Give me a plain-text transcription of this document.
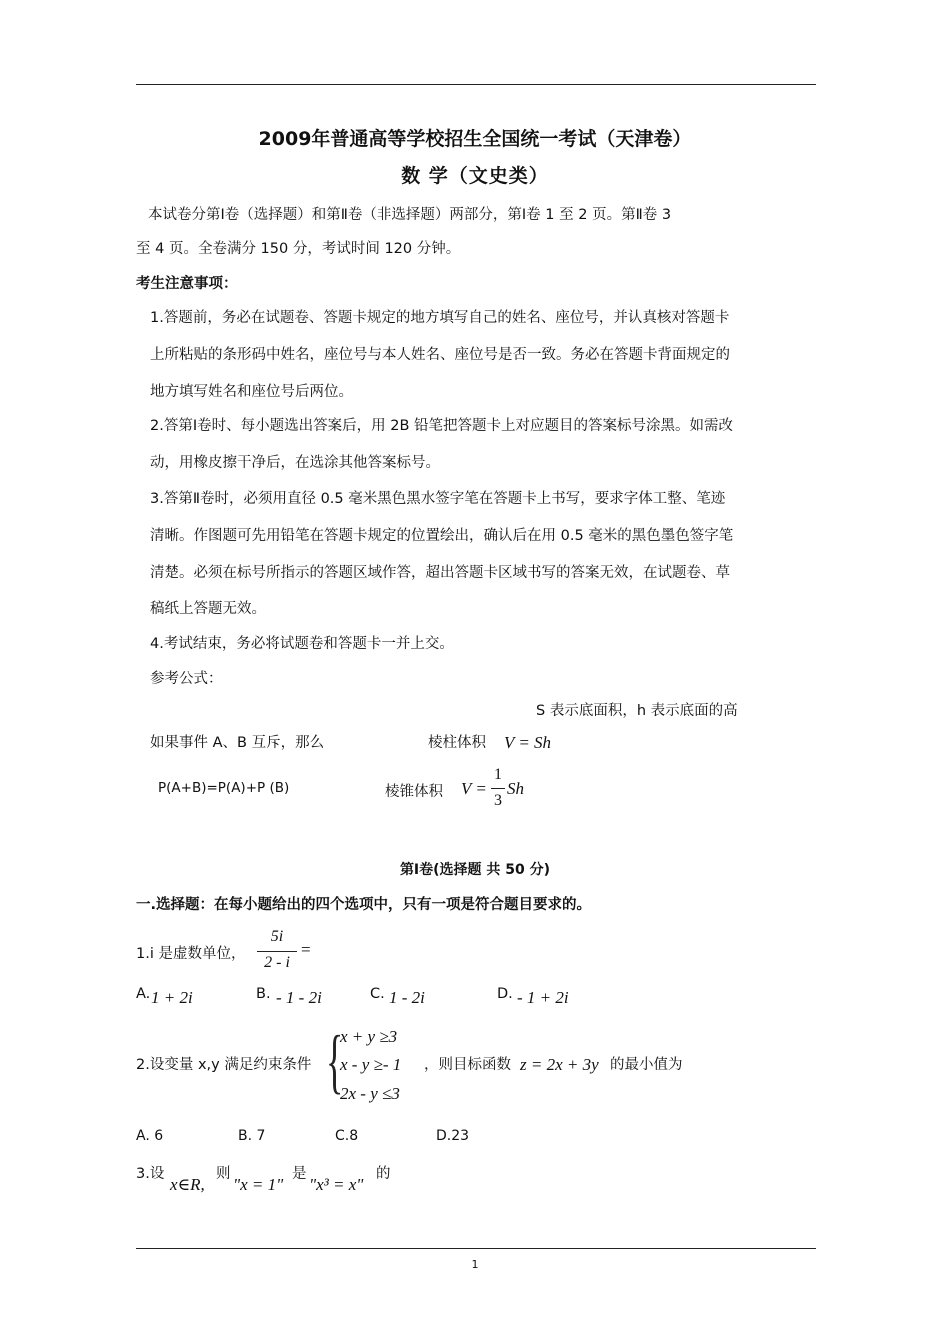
2009年普通高等学校招生全国统一考试（天津卷）
数 学（文史类）
本试卷分第Ⅰ卷（选择题）和第Ⅱ卷（非选择题）两部分，第Ⅰ卷 1 至 2 页。第Ⅱ卷 3
至 4 页。全卷满分 150 分，考试时间 120 分钟。
考生注意事项：
1.答题前，务必在试题卷、答题卡规定的地方填写自己的姓名、座位号，并认真核对答题卡
上所粘贴的条形码中姓名，座位号与本人姓名、座位号是否一致。务必在答题卡背面规定的
地方填写姓名和座位号后两位。
2.答第Ⅰ卷时、每小题选出答案后，用 2B 铅笔把答题卡上对应题目的答案标号涂黑。如需改
动，用橡皮擦干净后，在选涂其他答案标号。
3.答第Ⅱ卷时，必须用直径 0.5 毫米黑色黑水签字笔在答题卡上书写，要求字体工整、笔迹
清晰。作图题可先用铅笔在答题卡规定的位置绘出，确认后在用 0.5 毫米的黑色墨色签字笔
清楚。必须在标号所指示的答题区域作答，超出答题卡区域书写的答案无效，在试题卷、草
稿纸上答题无效。
4.考试结束，务必将试题卷和答题卡一并上交。
参考公式：
S 表示底面积，h 表示底面的高
如果事件 A、B 互斥，那么	棱柱体积 V = Sh
P(A+B)=P(A)+P (B)	棱锥体积 V =
1
3
Sh
第Ⅰ卷(选择题 共 50 分)
一.选择题：在每小题给出的四个选项中，只有一项是符合题目要求的。
1.i 是虚数单位，
5i
2 - i
=
A. 1 + 2i	B. - 1 - 2i	C. 1 - 2i	D. - 1 + 2i
2.设变量 x,y 满足约束条件 {
x + y ≥3
x - y ≥- 1
2x - y ≤3
，则目标函数 z = 2x + 3y 的最小值为
A. 6	B. 7	C.8	D.23
3.设
x∈R,
则
"x = 1"
是
"x³ = x"
的
1
